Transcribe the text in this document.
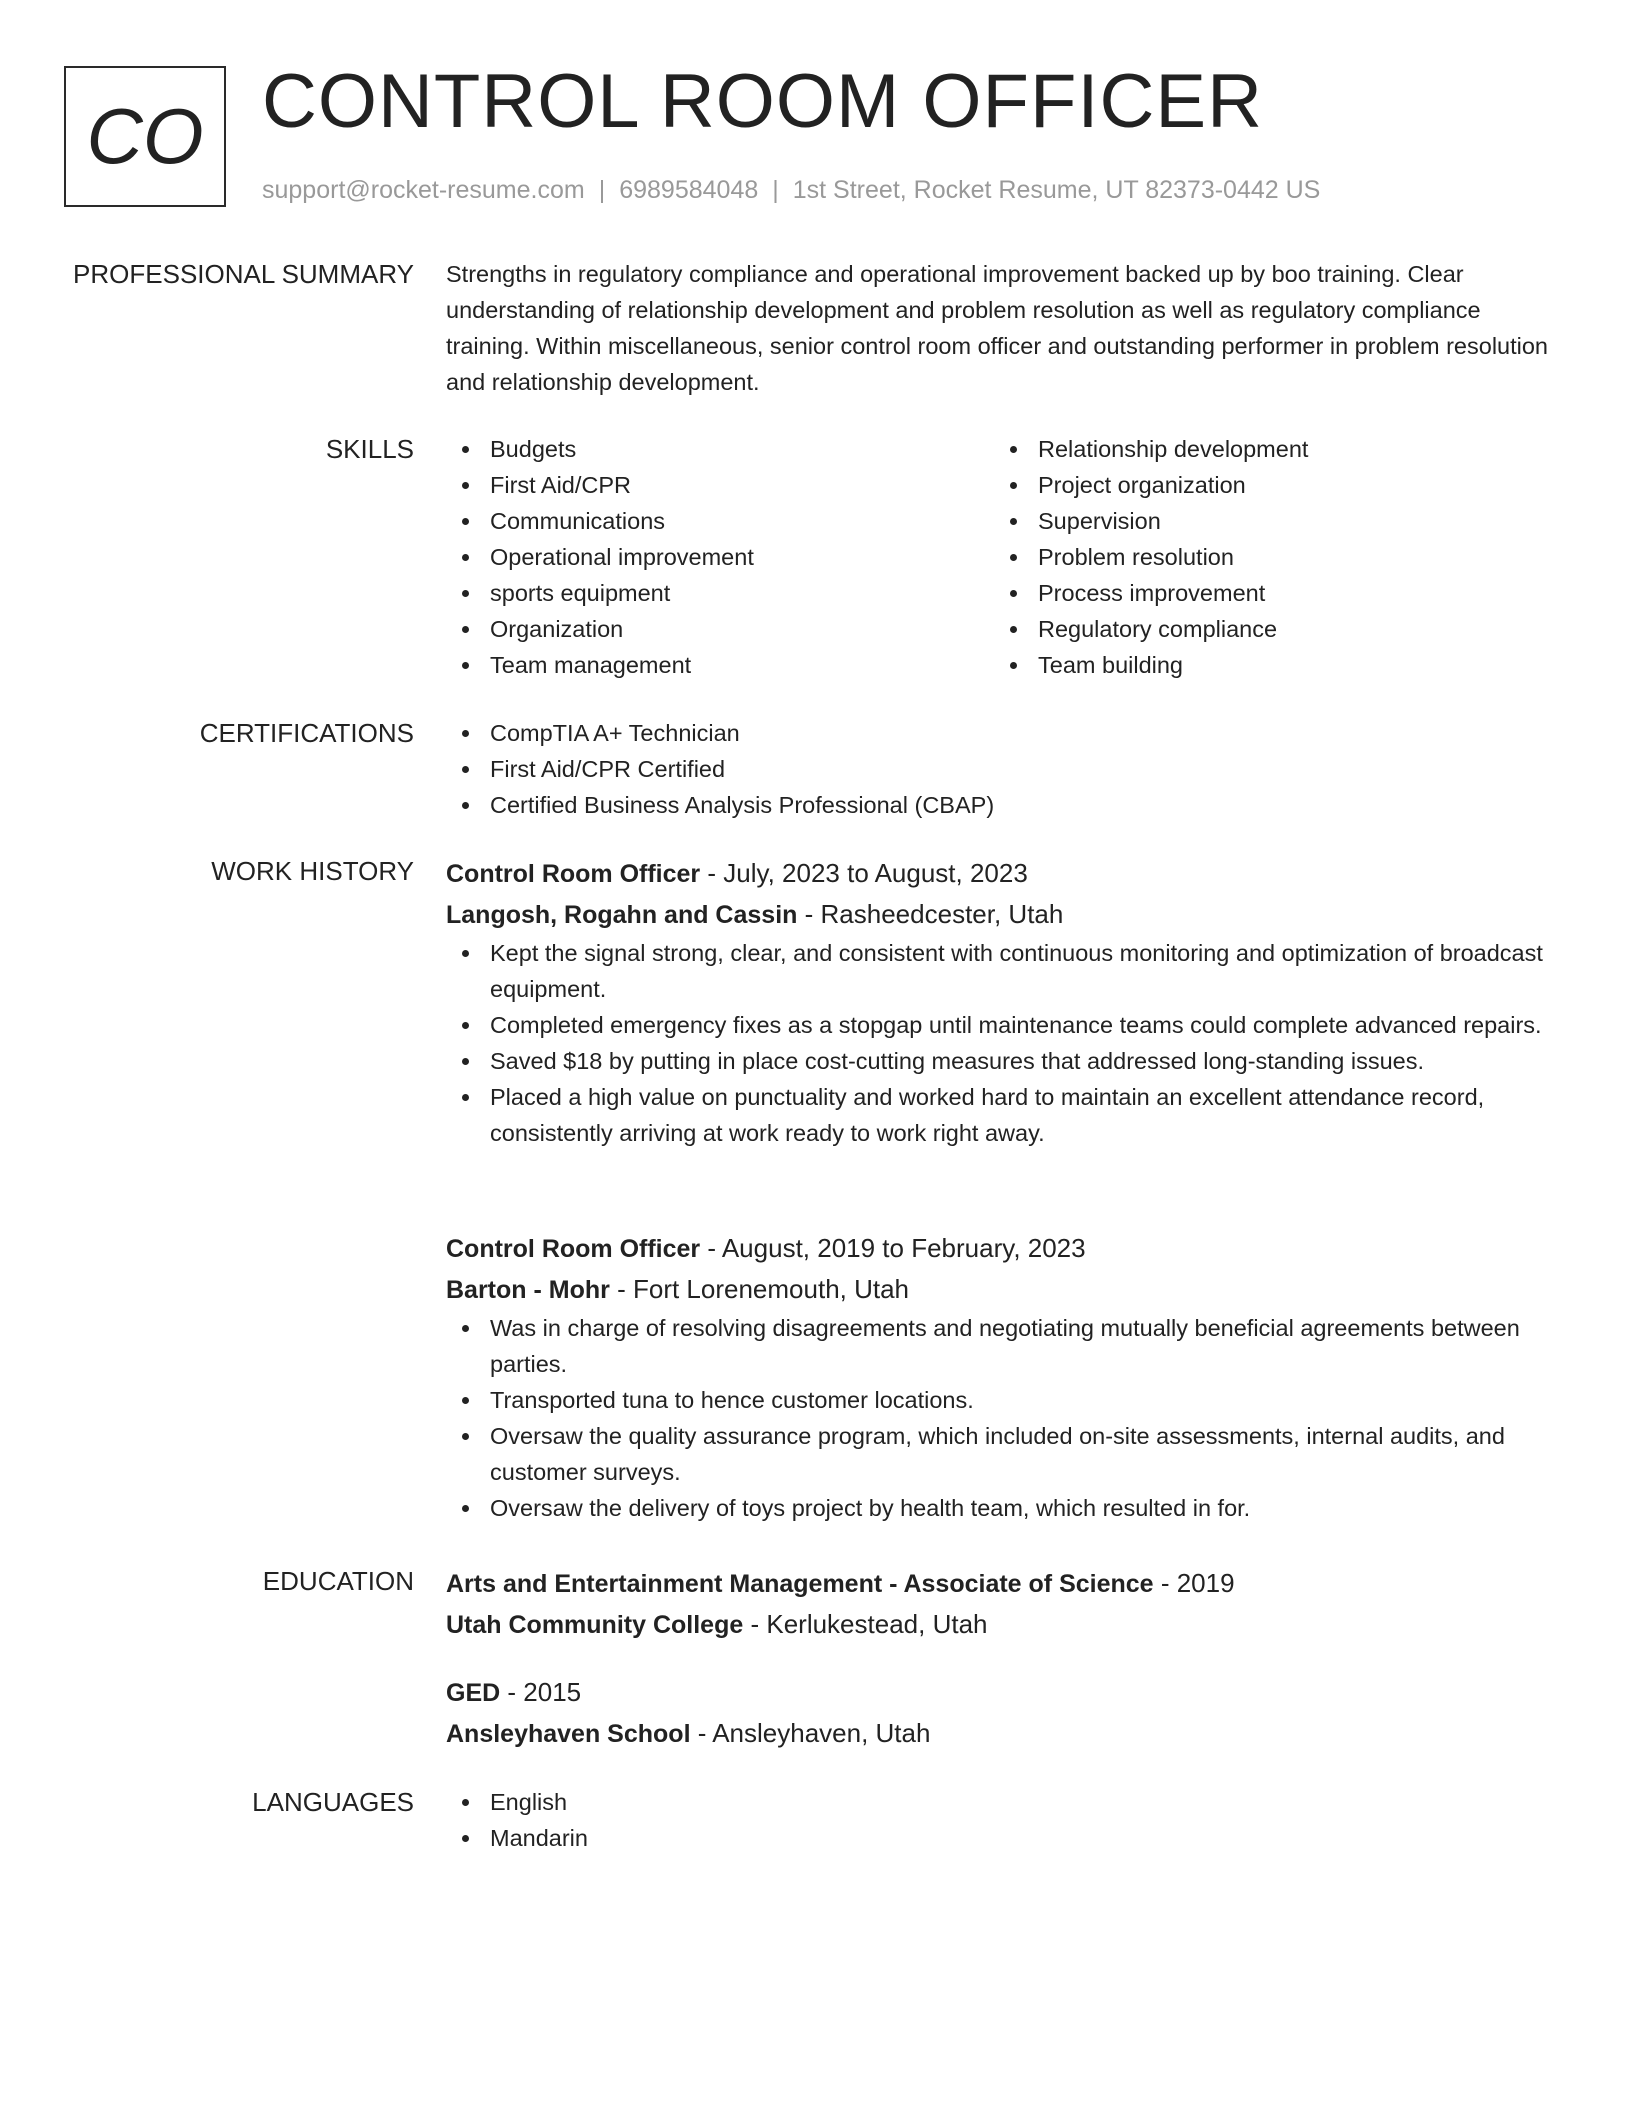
CO CONTROL ROOM OFFICER
support@rocket-resume.com | 6989584048 | 1st Street, Rocket Resume, UT 82373-0442 US
PROFESSIONAL SUMMARY Strengths in regulatory compliance and operational improvement backed up by boo training. Clear understanding of relationship development and problem resolution as well as regulatory compliance training. Within miscellaneous, senior control room officer and outstanding performer in problem resolution and relationship development.

SKILLS	Budgets
First Aid/CPR
Communications
Operational improvement
sports equipment
Organization
Team management
Relationship development
Project organization
Supervision
Problem resolution
Process improvement
Regulatory compliance
Team building
CERTIFICATIONS	CompTIA A+ Technician
First Aid/CPR Certified
Certified Business Analysis Professional (CBAP)
WORK HISTORY Control Room Officer - July, 2023 to August, 2023
Langosh, Rogahn and Cassin - Rasheedcester, Utah
Kept the signal strong, clear, and consistent with continuous monitoring and optimization of broadcast equipment.
Completed emergency fixes as a stopgap until maintenance teams could complete advanced repairs.
Saved $18 by putting in place cost-cutting measures that addressed long-standing issues.
Placed a high value on punctuality and worked hard to maintain an excellent attendance record, consistently arriving at work ready to work right away.
Control Room Officer - August, 2019 to February, 2023
Barton - Mohr - Fort Lorenemouth, Utah
Was in charge of resolving disagreements and negotiating mutually beneficial agreements between parties.
Transported tuna to hence customer locations.
Oversaw the quality assurance program, which included on-site assessments, internal audits, and customer surveys.
Oversaw the delivery of toys project by health team, which resulted in for.
EDUCATION Arts and Entertainment Management - Associate of Science - 2019
Utah Community College - Kerlukestead, Utah
GED - 2015
Ansleyhaven School - Ansleyhaven, Utah
LANGUAGES	English
Mandarin
